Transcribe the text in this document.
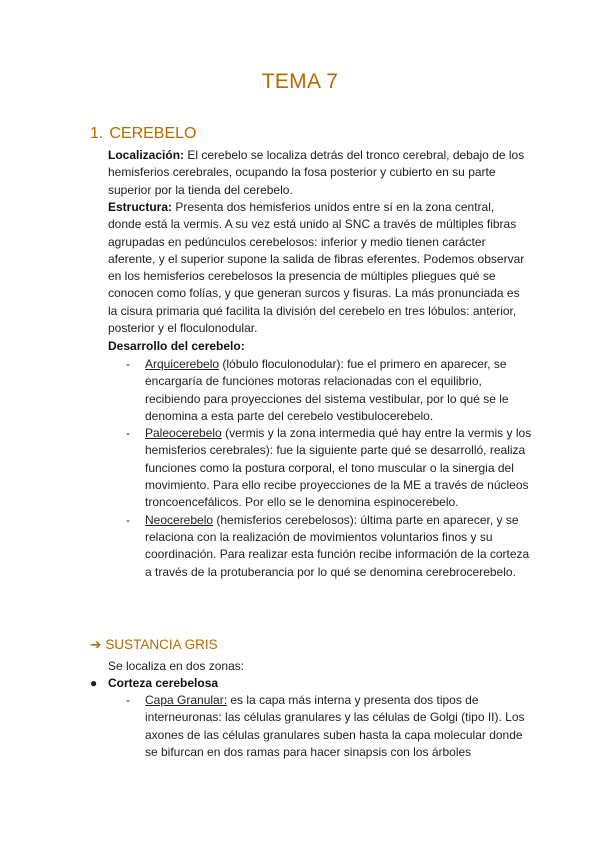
TEMA 7
1. CEREBELO

Localización: El cerebelo se localiza detrás del tronco cerebral, debajo de los hemisferios cerebrales, ocupando la fosa posterior y cubierto en su parte superior por la tienda del cerebelo.

Estructura: Presenta dos hemisferios unidos entre sí en la zona central, donde está la vermis. A su vez está unido al SNC a través de múltiples fibras agrupadas en pedúnculos cerebelosos: inferior y medio tienen carácter aferente, y el superior supone la salida de fibras eferentes. Podemos observar en los hemisferios cerebelosos la presencia de múltiples pliegues qué se conocen como folías, y que generan surcos y fisuras. La más pronunciada es la cisura primaria qué facilita la división del cerebelo en tres lóbulos: anterior, posterior y el floculonodular.

Desarrollo del cerebelo:
- Arquicerebelo (lóbulo floculonodular): fue el primero en aparecer, se encargaría de funciones motoras relacionadas con el equilibrio, recibiendo para proyecciones del sistema vestibular, por lo qué se le denomina a esta parte del cerebelo vestibulocerebelo.
- Paleocerebelo (vermis y la zona intermedia qué hay entre la vermis y los hemisferios cerebrales): fue la siguiente parte qué se desarrolló, realiza funciones como la postura corporal, el tono muscular o la sinergia del movimiento. Para ello recibe proyecciones de la ME a través de núcleos troncoencefálicos. Por ello se le denomina espinocerebelo.
- Neocerebelo (hemisferios cerebelosos): última parte en aparecer, y se relaciona con la realización de movimientos voluntarios finos y su coordinación. Para realizar esta función recibe información de la corteza a través de la protuberancia por lo qué se denomina cerebrocerebelo.
➔ SUSTANCIA GRIS
Se localiza en dos zonas:
● Corteza cerebelosa
- Capa Granular: es la capa más interna y presenta dos tipos de interneuronas: las células granulares y las células de Golgi (tipo II). Los axones de las células granulares suben hasta la capa molecular donde se bifurcan en dos ramas para hacer sinapsis con los árboles
